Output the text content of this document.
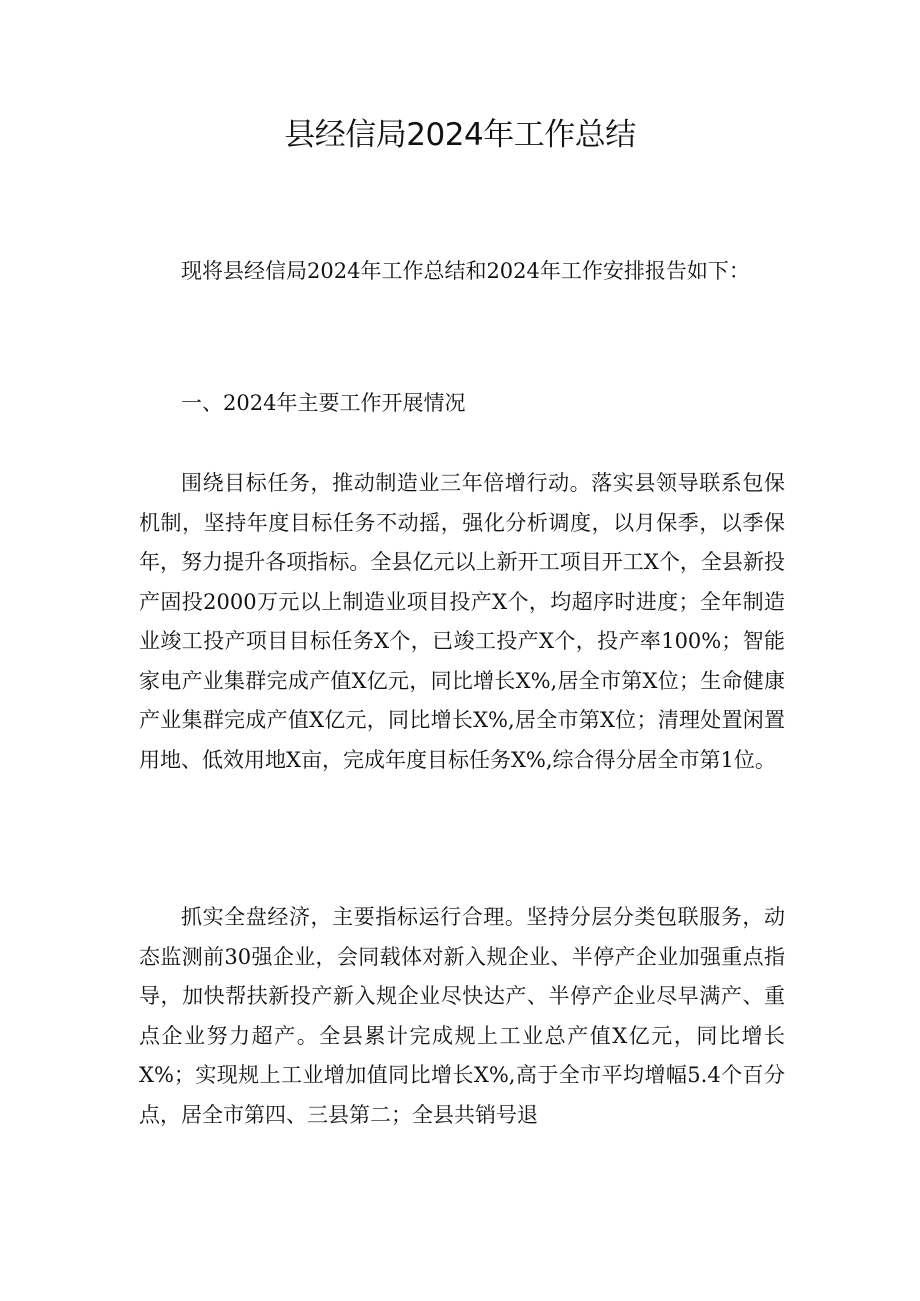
县经信局2024年工作总结

现将县经信局2024年工作总结和2024年工作安排报告如下：

一、2024年主要工作开展情况

围绕目标任务，推动制造业三年倍增行动。落实县领导联系包保机制，坚持年度目标任务不动摇，强化分析调度，以月保季，以季保年，努力提升各项指标。全县亿元以上新开工项目开工X个，全县新投产固投2000万元以上制造业项目投产X个，均超序时进度；全年制造业竣工投产项目目标任务X个，已竣工投产X个，投产率100%；智能家电产业集群完成产值X亿元，同比增长X%,居全市第X位；生命健康产业集群完成产值X亿元，同比增长X%,居全市第X位；清理处置闲置用地、低效用地X亩，完成年度目标任务X%,综合得分居全市第1位。

抓实全盘经济，主要指标运行合理。坚持分层分类包联服务，动态监测前30强企业，会同载体对新入规企业、半停产企业加强重点指导，加快帮扶新投产新入规企业尽快达产、半停产企业尽早满产、重点企业努力超产。全县累计完成规上工业总产值X亿元，同比增长X%；实现规上工业增加值同比增长X%,高于全市平均增幅5.4个百分点，居全市第四、三县第二；全县共销号退
